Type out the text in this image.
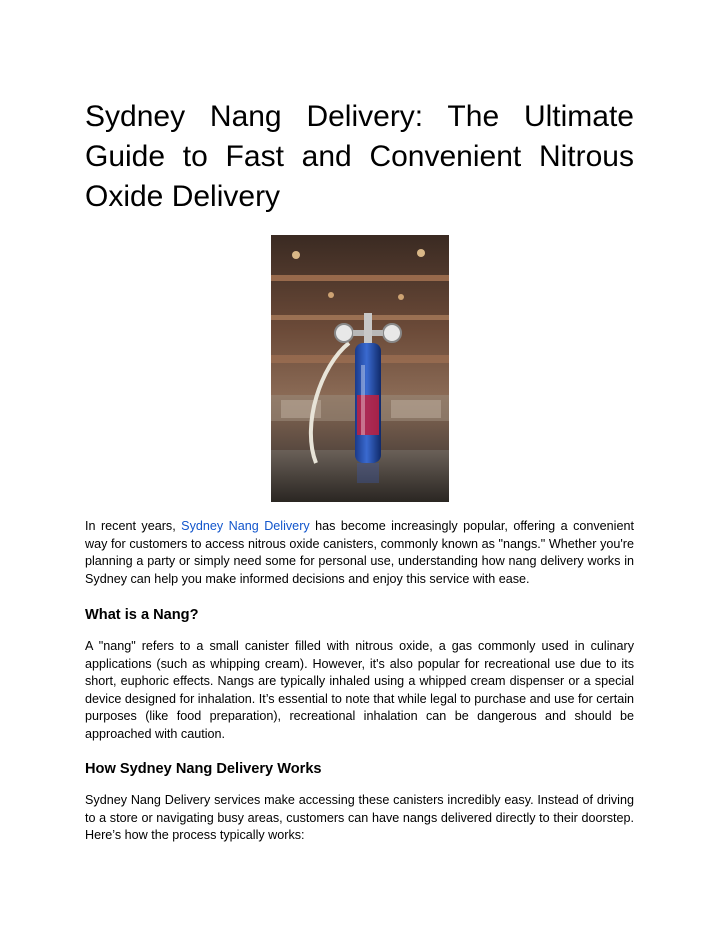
Sydney Nang Delivery: The Ultimate Guide to Fast and Convenient Nitrous Oxide Delivery

In recent years, Sydney Nang Delivery has become increasingly popular, offering a convenient way for customers to access nitrous oxide canisters, commonly known as "nangs." Whether you're planning a party or simply need some for personal use, understanding how nang delivery works in Sydney can help you make informed decisions and enjoy this service with ease.

What is a Nang?

A "nang" refers to a small canister filled with nitrous oxide, a gas commonly used in culinary applications (such as whipping cream). However, it's also popular for recreational use due to its short, euphoric effects. Nangs are typically inhaled using a whipped cream dispenser or a special device designed for inhalation. It’s essential to note that while legal to purchase and use for certain purposes (like food preparation), recreational inhalation can be dangerous and should be approached with caution.

How Sydney Nang Delivery Works

Sydney Nang Delivery services make accessing these canisters incredibly easy. Instead of driving to a store or navigating busy areas, customers can have nangs delivered directly to their doorstep. Here’s how the process typically works:
